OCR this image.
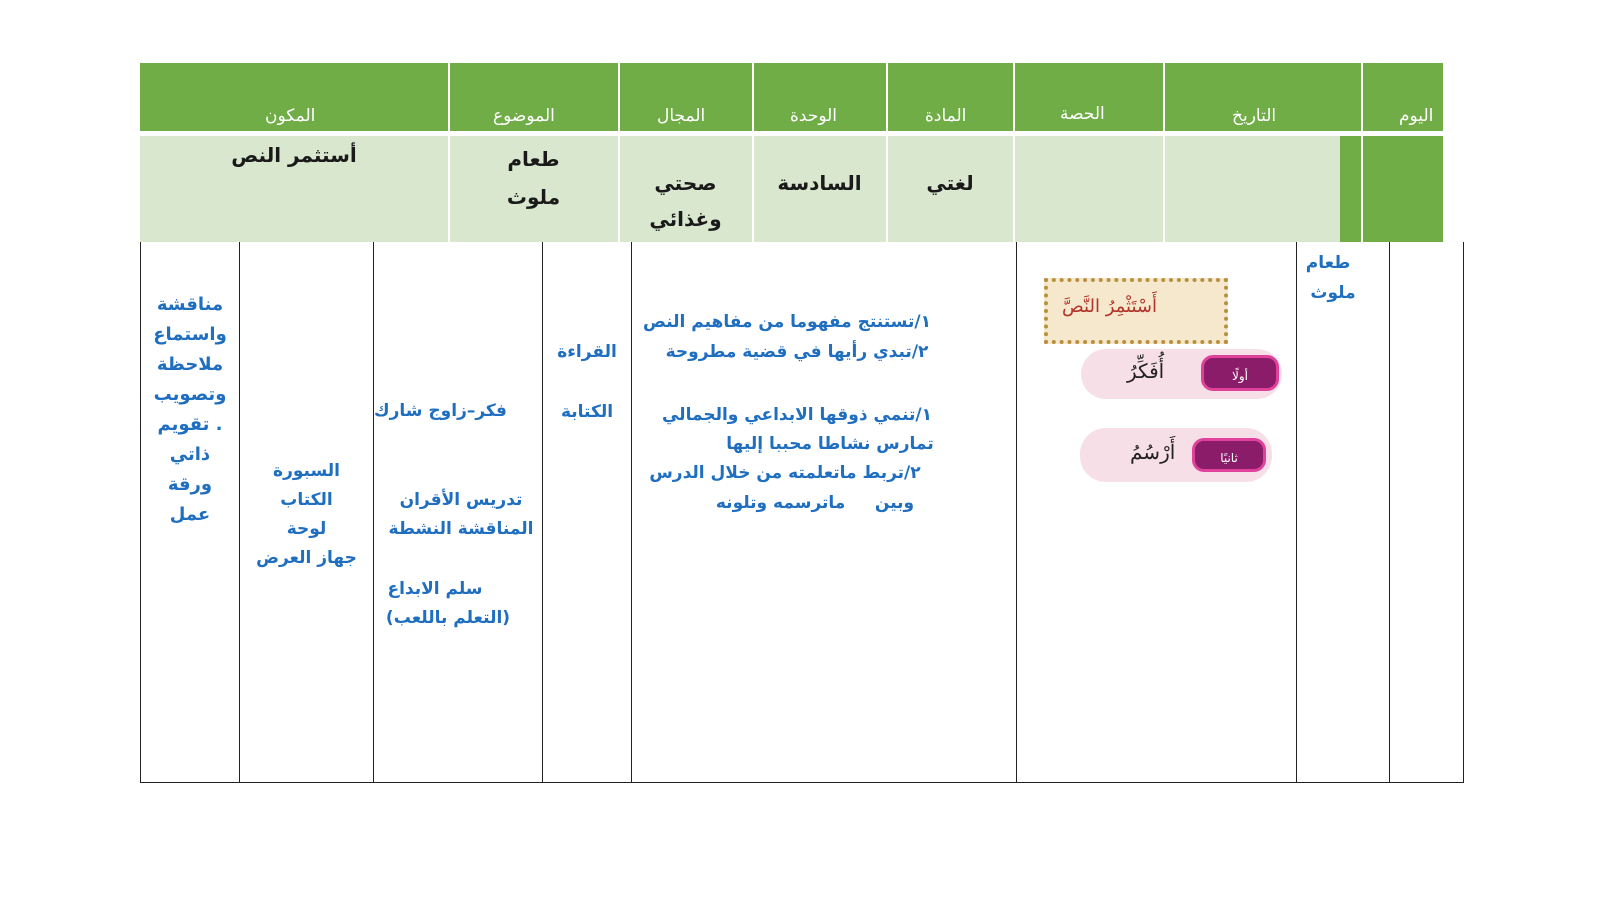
اليوم
التاريخ
الحصة
المادة
الوحدة
المجال
الموضوع
المكون
لغتي
السادسة
صحتي
وغذائي
طعام
ملوث
أستثمر النص
طعام
ملوث
أَسْتَثْمِرُ النَّصَّ
أُفَكِّرُ	أولًا
أَرْسُمُ	ثانيًا
١/تستنتج مفهوما من مفاهيم النص
٢/تبدي رأيها في قضية مطروحة
١/تنمي ذوقها الابداعي والجمالي
تمارس نشاطا محببا إليها
٢/تربط ماتعلمته من خلال الدرس
وبين     ماترسمه وتلونه
القراءة
الكتابة
فكر–زاوج شارك
تدريس الأقران
المناقشة النشطة
سلم الابداع
(التعلم باللعب)
السبورة
الكتاب
لوحة
جهاز العرض
مناقشة
واستماع
ملاحظة
وتصويب
. تقويم
ذاتي
ورقة
عمل
